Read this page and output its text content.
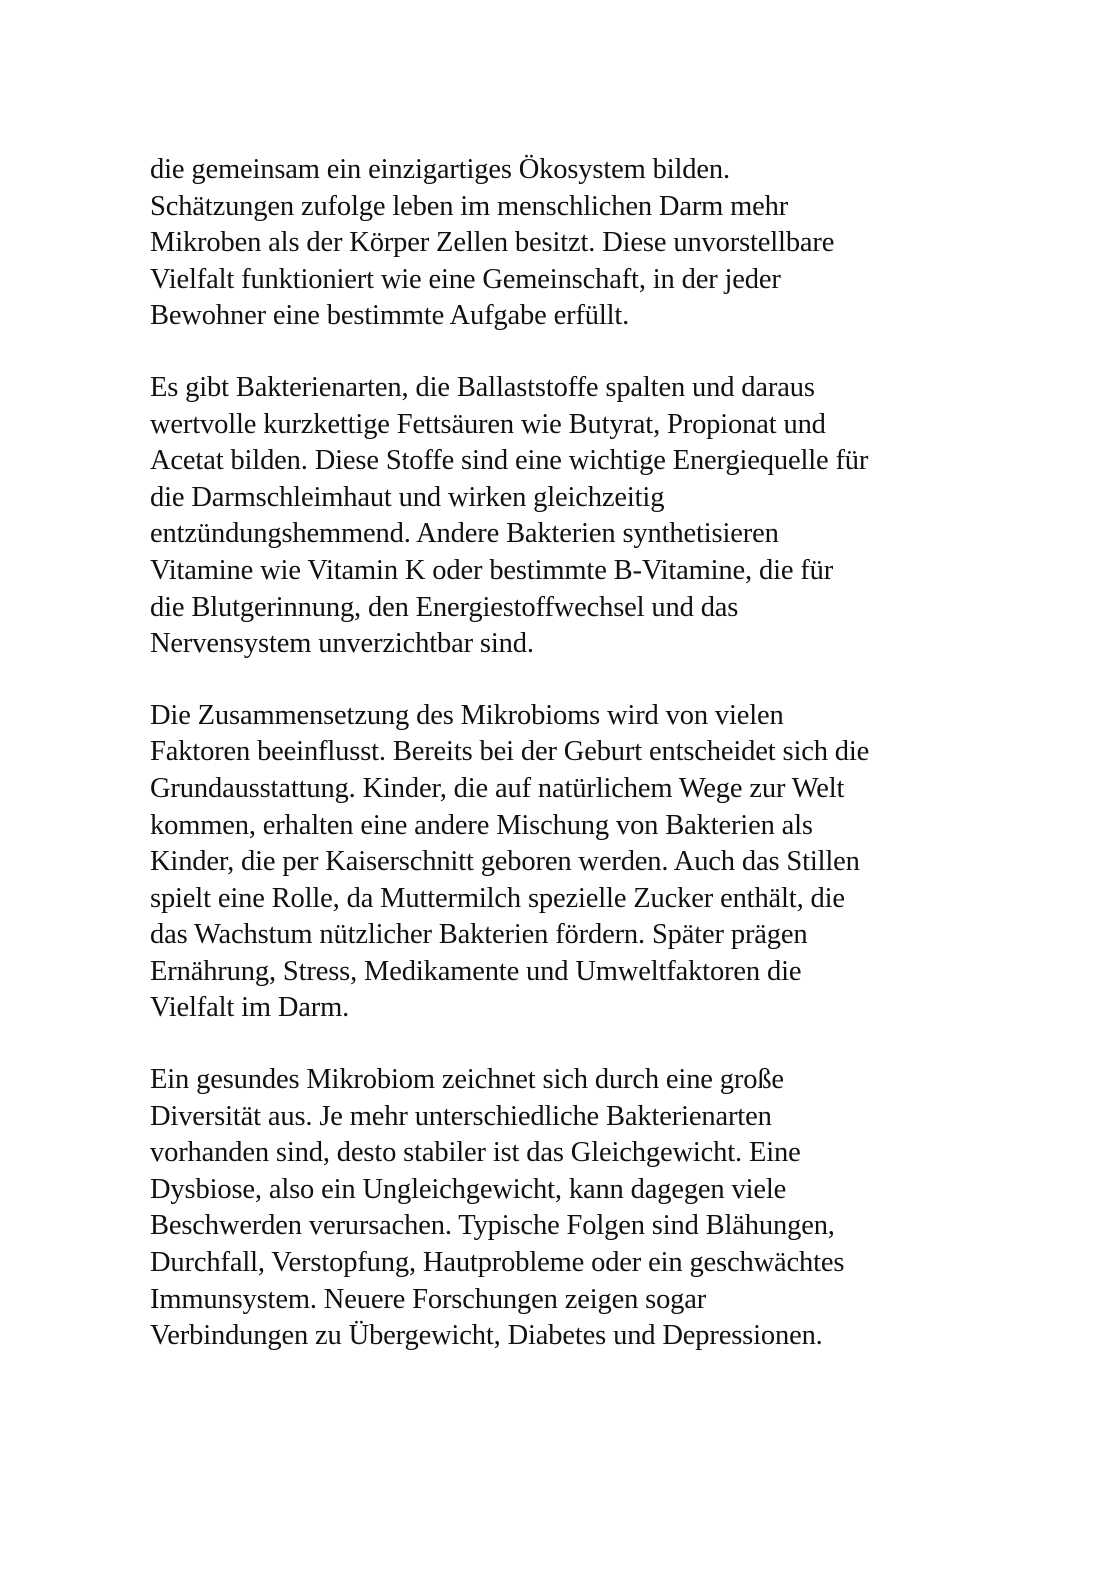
die gemeinsam ein einzigartiges Ökosystem bilden.
Schätzungen zufolge leben im menschlichen Darm mehr
Mikroben als der Körper Zellen besitzt. Diese unvorstellbare
Vielfalt funktioniert wie eine Gemeinschaft, in der jeder
Bewohner eine bestimmte Aufgabe erfüllt.

Es gibt Bakterienarten, die Ballaststoffe spalten und daraus
wertvolle kurzkettige Fettsäuren wie Butyrat, Propionat und
Acetat bilden. Diese Stoffe sind eine wichtige Energiequelle für
die Darmschleimhaut und wirken gleichzeitig
entzündungshemmend. Andere Bakterien synthetisieren
Vitamine wie Vitamin K oder bestimmte B-Vitamine, die für
die Blutgerinnung, den Energiestoffwechsel und das
Nervensystem unverzichtbar sind.

Die Zusammensetzung des Mikrobioms wird von vielen
Faktoren beeinflusst. Bereits bei der Geburt entscheidet sich die
Grundausstattung. Kinder, die auf natürlichem Wege zur Welt
kommen, erhalten eine andere Mischung von Bakterien als
Kinder, die per Kaiserschnitt geboren werden. Auch das Stillen
spielt eine Rolle, da Muttermilch spezielle Zucker enthält, die
das Wachstum nützlicher Bakterien fördern. Später prägen
Ernährung, Stress, Medikamente und Umweltfaktoren die
Vielfalt im Darm.

Ein gesundes Mikrobiom zeichnet sich durch eine große
Diversität aus. Je mehr unterschiedliche Bakterienarten
vorhanden sind, desto stabiler ist das Gleichgewicht. Eine
Dysbiose, also ein Ungleichgewicht, kann dagegen viele
Beschwerden verursachen. Typische Folgen sind Blähungen,
Durchfall, Verstopfung, Hautprobleme oder ein geschwächtes
Immunsystem. Neuere Forschungen zeigen sogar
Verbindungen zu Übergewicht, Diabetes und Depressionen.
